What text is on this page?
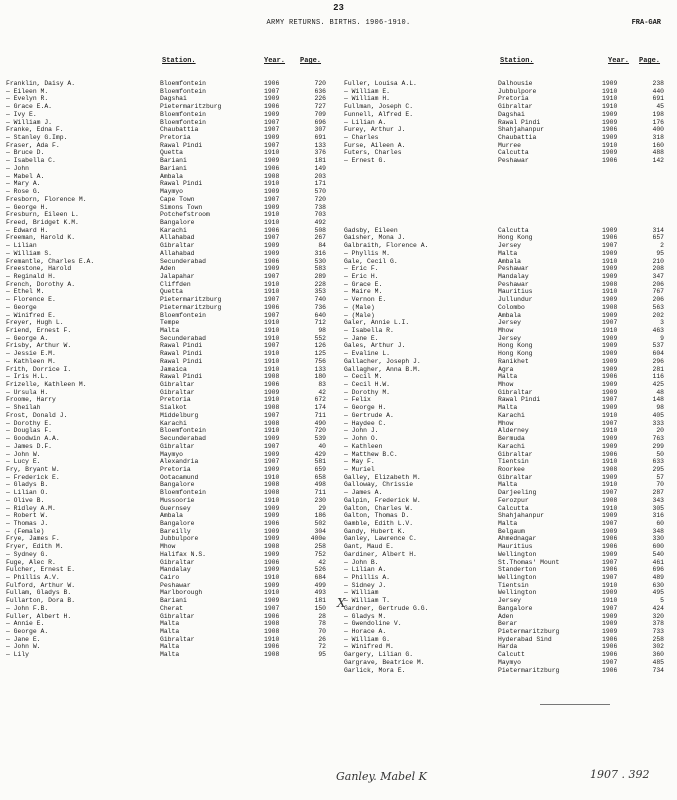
23
ARMY RETURNS. BIRTHS. 1906-1910.	FRA-GAR
Station.	Year. Page.	Station.	Year. Page.
Franklin, Daisy A.	Bloemfontein	1906	720
— Eileen M.	Bloemfontein	1907	636
— Evelyn R.	Dagshai	1909	226
— Grace E.A.	Pietermaritzburg	1906	727
— Ivy E.	Bloemfontein	1909	709
— William J.	Bloemfontein	1907	696
Franke, Edna F.	Chaubattia	1907	307
— Stanley G.Imp.	Pretoria	1909	691
Fraser, Ada F.	Rawal Pindi	1907	133
— Bruce D.	Quetta	1910	376
— Isabella C.	Bariani	1909	181
— John	Bariani	1906	149
— Mabel A.	Ambala	1908	203
— Mary A.	Rawal Pindi	1910	171
— Rose G.	Maymyo	1909	570
Fresborn, Florence M.	Cape Town	1907	720
— George H.	Simons Town	1909	738
Fresburn, Eileen L.	Potchefstroom	1910	703
Freed, Bridget K.M.	Bangalore	1910	492
— Edward H.	Karachi	1906	508
Freeman, Harold K.	Allahabad	1907	267
— Lilian	Gibraltar	1909	84
— William S.	Allahabad	1909	316
Fremantle, Charles E.A.	Secunderabad	1906	530
Freestone, Harold	Aden	1909	583
— Reginald H.	Jalapahar	1907	289
French, Dorothy A.	Cliffden	1910	228
— Ethel M.	Quetta	1910	353
— Florence E.	Pietermaritzburg	1907	740
— George	Pietermaritzburg	1906	736
— Winifred E.	Bloemfontein	1907	640
Freyer, Hugh L.	Tempe	1910	712
Friend, Ernest F.	Malta	1910	98
— George A.	Secunderabad	1910	552
Frisby, Arthur W.	Rawal Pindi	1907	126
— Jessie E.M.	Rawal Pindi	1910	125
— Kathleen M.	Rawal Pindi	1910	756
Frith, Dorrice I.	Jamaica	1910	133
— Iris H.L.	Rawal Pindi	1908	180
Frizelle, Kathleen M.	Gibraltar	1906	83
— Ursula H.	Gibraltar	1909	42
Froome, Harry	Pretoria	1910	672
— Sheilah	Sialkot	1908	174
Frost, Donald J.	Middelburg	1907	711
— Dorothy E.	Karachi	1908	490
— Douglas F.	Bloemfontein	1910	720
— Goodwin A.A.	Secunderabad	1909	539
— James D.F.	Gibraltar	1907	40
— John W.	Maymyo	1909	429
— Lucy E.	Alexandria	1907	581
Fry, Bryant W.	Pretoria	1909	659
— Frederick E.	Ootacamund	1910	658
— Gladys B.	Bangalore	1908	498
— Lilian O.	Bloemfontein	1908	711
— Olive B.	Mussoorie	1910	230
— Ridley A.M.	Guernsey	1909	29
— Robert W.	Ambala	1909	186
— Thomas J.	Bangalore	1906	502
— (Female)	Bareilly	1909	304
Frye, James F.	Jubbulpore	1909	400e
Fryer, Edith M.	Mhow	1908	258
— Sydney G.	Halifax N.S.	1909	752
Fuge, Alec R.	Gibraltar	1906	42
Fulcher, Ernest E.	Mandalay	1909	526
— Phillis A.V.	Cairo	1910	684
Fulford, Arthur W.	Peshawar	1909	499
Fullam, Gladys B.	Marlborough	1910	493
Fullarton, Dora B.	Bariani	1909	181
— John F.B.	Cherat	1907	150
Fuller, Albert H.	Gibraltar	1906	28
— Annie E.	Malta	1908	78
— George A.	Malta	1908	70
— Jane E.	Gibraltar	1910	26
— John W.	Malta	1906	72
— Lily	Malta	1908	95
Fuller, Louisa A.L.	Dalhousie	1909	238
— William E.	Jubbulpore	1910	440
— William H.	Pretoria	1910	691
Fullman, Joseph C.	Gibraltar	1910	45
Funnell, Alfred E.	Dagshai	1909	198
— Lilian A.	Rawal Pindi	1909	176
Furey, Arthur J.	Shahjahanpur	1906	400
— Charles	Chaubattia	1909	318
Furse, Aileen A.	Murree	1910	160
Futers, Charles	Calcutta	1909	488
— Ernest G.	Peshawar	1906	142
Gadsby, Eileen	Calcutta	1909	314
Gaisher, Mona J.	Hong Kong	1906	657
Galbraith, Florence A.	Jersey	1907	2
— Phyllis M.	Malta	1909	95
Gale, Cecil G.	Ambala	1910	210
— Eric F.	Peshawar	1909	208
— Eric H.	Mandalay	1909	347
— Grace E.	Peshawar	1908	206
— Maire M.	Mauritius	1910	767
— Vernon E.	Jullundur	1909	206
— (Male)	Colombo	1908	563
— (Male)	Ambala	1909	202
Galer, Annie L.I.	Jersey	1907	3
— Isabella R.	Mhow	1910	463
— Jane E.	Jersey	1909	9
Gales, Arthur J.	Hong Kong	1909	537
— Evaline L.	Hong Kong	1909	604
Gallacher, Joseph J.	Ranikhet	1909	296
Gallagher, Anna B.M.	Agra	1909	281
— Cecil M.	Malta	1906	116
— Cecil H.W.	Mhow	1909	425
— Dorothy M.	Gibraltar	1909	48
— Felix	Rawal Pindi	1907	148
— George H.	Malta	1909	98
— Gertrude A.	Karachi	1910	405
— Haydee C.	Mhow	1907	333
— John J.	Alderney	1910	20
— John O.	Bermuda	1909	763
— Kathleen	Karachi	1909	299
— Matthew B.C.	Gibraltar	1906	50
— May F.	Tientsin	1910	633
— Muriel	Roorkee	1908	295
Galley, Elizabeth M.	Gibraltar	1909	57
Galloway, Chrissie	Malta	1910	70
— James A.	Darjeeling	1907	287
Galpin, Frederick W.	Ferozpur	1908	343
Galton, Charles W.	Calcutta	1910	305
Galton, Thomas D.	Shahjahanpur	1909	316
Gamble, Edith L.V.	Malta	1907	60
Gandy, Hubert K.	Belgaum	1909	348
Ganley, Lawrence C.	Ahmednagar	1906	330
Gant, Maud E.	Mauritius	1906	600
Gardiner, Albert H.	Wellington	1909	540
— John B.	St.Thomas' Mount	1907	461
— Lilian A.	Standerton	1906	696
— Phillis A.	Wellington	1907	489
— Sidney J.	Tientsin	1910	630
— William	Wellington	1909	495
— William T.	Jersey	1910	5
Gardner, Gertrude G.G.	Bangalore	1907	424
— Gladys M.	Aden	1909	320
— Gwendoline V.	Berar	1909	378
— Horace A.	Pietermaritzburg	1909	733
— William G.	Hyderabad Sind	1906	258
— Winifred M.	Harda	1906	302
Gargery, Lilian G.	Calcutt	1906	360
Gargrave, Beatrice M.	Maymyo	1907	485
Garlick, Mora E.	Pietermaritzburg	1906	734
X
Ganley. Mabel K	1907 . 392
